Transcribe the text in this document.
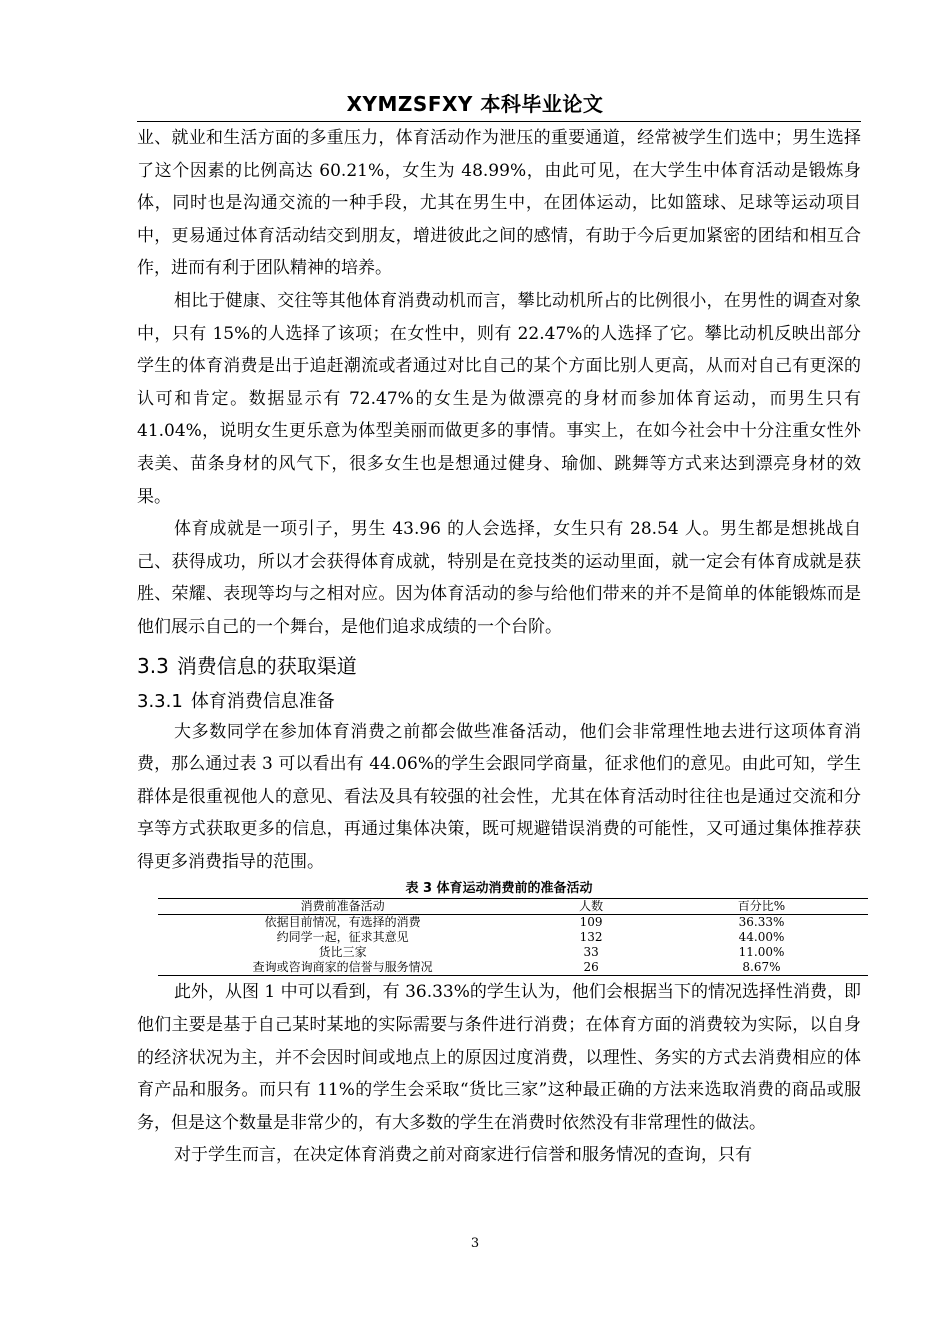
XYMZSFXY 本科毕业论文

业、就业和生活方面的多重压力，体育活动作为泄压的重要通道，经常被学生们选中；男生选择了这个因素的比例高达 60.21%，女生为 48.99%，由此可见，在大学生中体育活动是锻炼身体，同时也是沟通交流的一种手段，尤其在男生中，在团体运动，比如篮球、足球等运动项目中，更易通过体育活动结交到朋友，增进彼此之间的感情，有助于今后更加紧密的团结和相互合作，进而有利于团队精神的培养。

相比于健康、交往等其他体育消费动机而言，攀比动机所占的比例很小，在男性的调查对象中，只有 15%的人选择了该项；在女性中，则有 22.47%的人选择了它。攀比动机反映出部分学生的体育消费是出于追赶潮流或者通过对比自己的某个方面比别人更高，从而对自己有更深的认可和肯定。数据显示有 72.47%的女生是为做漂亮的身材而参加体育运动，而男生只有 41.04%，说明女生更乐意为体型美丽而做更多的事情。事实上，在如今社会中十分注重女性外表美、苗条身材的风气下，很多女生也是想通过健身、瑜伽、跳舞等方式来达到漂亮身材的效果。

体育成就是一项引子，男生 43.96 的人会选择，女生只有 28.54 人。男生都是想挑战自己、获得成功，所以才会获得体育成就，特别是在竞技类的运动里面，就一定会有体育成就是获胜、荣耀、表现等均与之相对应。因为体育活动的参与给他们带来的并不是简单的体能锻炼而是他们展示自己的一个舞台，是他们追求成绩的一个台阶。

3.3 消费信息的获取渠道
3.3.1 体育消费信息准备

大多数同学在参加体育消费之前都会做些准备活动，他们会非常理性地去进行这项体育消费，那么通过表 3 可以看出有 44.06%的学生会跟同学商量，征求他们的意见。由此可知，学生群体是很重视他人的意见、看法及具有较强的社会性，尤其在体育活动时往往也是通过交流和分享等方式获取更多的信息，再通过集体决策，既可规避错误消费的可能性，又可通过集体推荐获得更多消费指导的范围。

表 3 体育运动消费前的准备活动
消费前准备活动	人数	百分比%
依据目前情况，有选择的消费	109	36.33%
约同学一起，征求其意见	132	44.00%
货比三家	33	11.00%
查询或咨询商家的信誉与服务情况	26	8.67%

此外，从图 1 中可以看到，有 36.33%的学生认为，他们会根据当下的情况选择性消费，即他们主要是基于自己某时某地的实际需要与条件进行消费；在体育方面的消费较为实际，以自身的经济状况为主，并不会因时间或地点上的原因过度消费，以理性、务实的方式去消费相应的体育产品和服务。而只有 11%的学生会采取“货比三家”这种最正确的方法来选取消费的商品或服务，但是这个数量是非常少的，有大多数的学生在消费时依然没有非常理性的做法。

对于学生而言，在决定体育消费之前对商家进行信誉和服务情况的查询，只有

3
